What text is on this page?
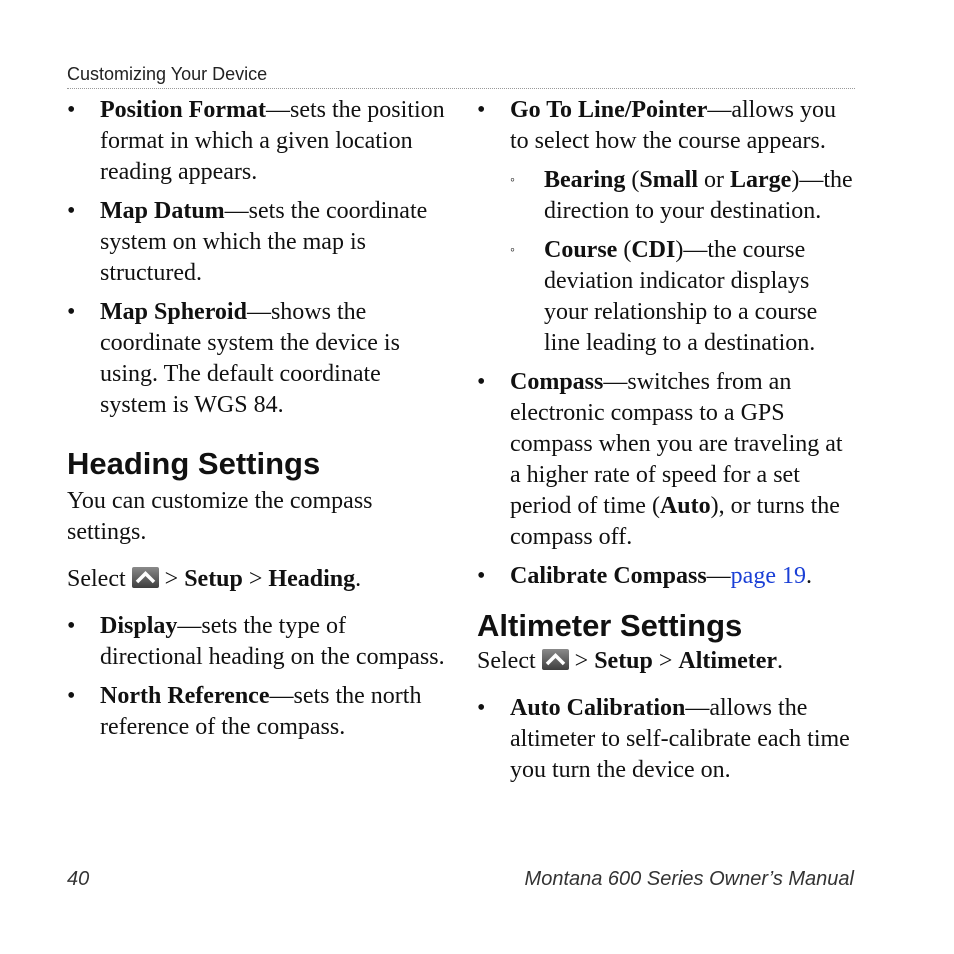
Customizing Your Device
• Position Format—sets the position format in which a given location reading appears.
• Map Datum—sets the coordinate system on which the map is structured.
• Map Spheroid—shows the coordinate system the device is using. The default coordinate system is WGS 84.
Heading Settings
You can customize the compass settings.
Select > Setup > Heading.
• Display—sets the type of directional heading on the compass.
• North Reference—sets the north reference of the compass.
• Go To Line/Pointer—allows you to select how the course appears.
◦ Bearing (Small or Large)—the direction to your destination.
◦ Course (CDI)—the course deviation indicator displays your relationship to a course line leading to a destination.
• Compass—switches from an electronic compass to a GPS compass when you are traveling at a higher rate of speed for a set period of time (Auto), or turns the compass off.
• Calibrate Compass—page 19.
Altimeter Settings
Select > Setup > Altimeter.
• Auto Calibration—allows the altimeter to self-calibrate each time you turn the device on.
40	Montana 600 Series Owner’s Manual
